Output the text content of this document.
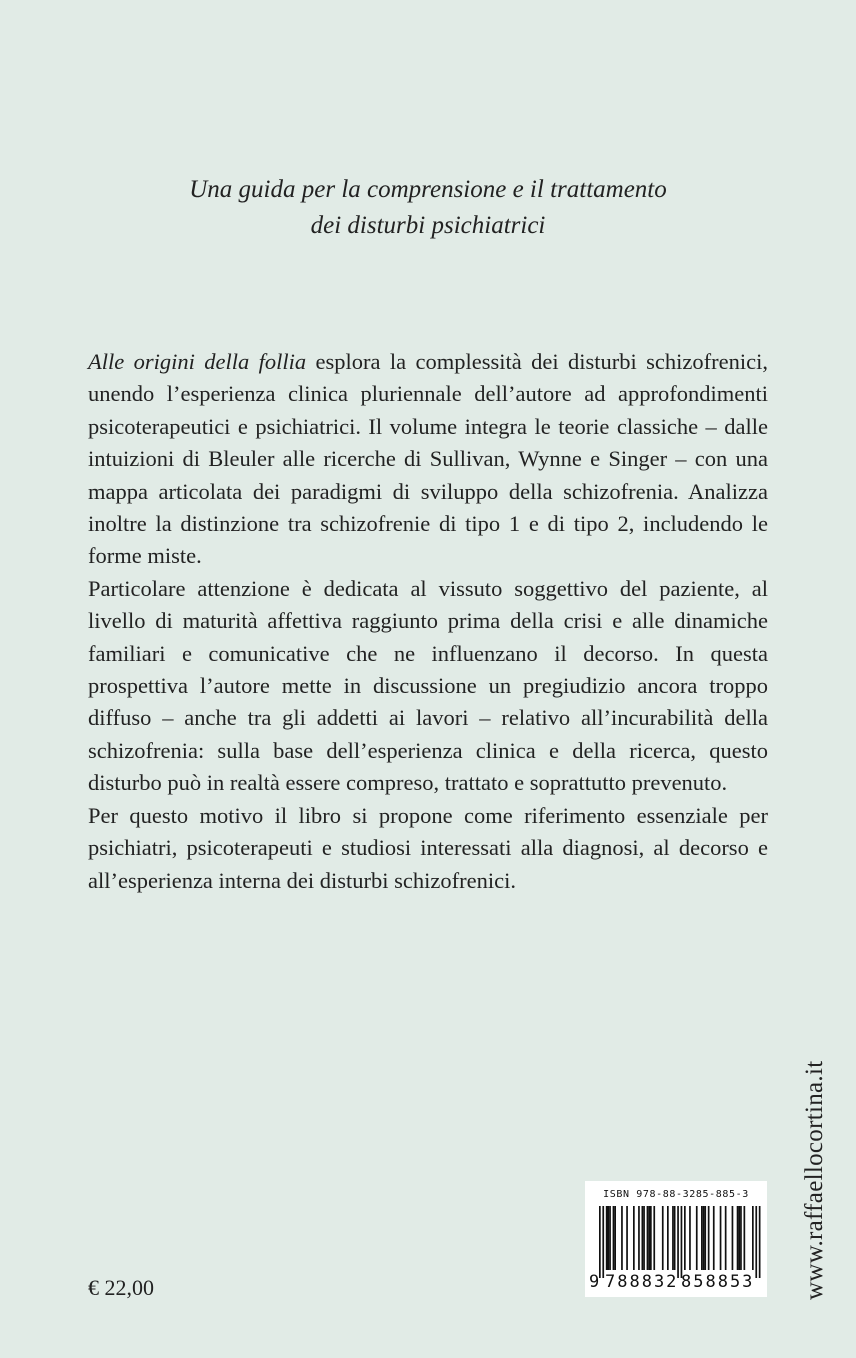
Una guida per la comprensione e il trattamento
dei disturbi psichiatrici

Alle origini della follia esplora la complessità dei disturbi schizofrenici, unendo l’esperienza clinica pluriennale dell’autore ad approfondimenti psicoterapeutici e psichiatrici. Il volume integra le teorie classiche – dalle intuizioni di Bleuler alle ricerche di Sullivan, Wynne e Singer – con una mappa articolata dei paradigmi di sviluppo della schizofrenia. Analizza inoltre la distinzione tra schizofrenie di tipo 1 e di tipo 2, includendo le forme miste.

Particolare attenzione è dedicata al vissuto soggettivo del paziente, al livello di maturità affettiva raggiunto prima della crisi e alle dinamiche familiari e comunicative che ne influenzano il decorso. In questa prospettiva l’autore mette in discussione un pregiudizio ancora troppo diffuso – anche tra gli addetti ai lavori – relativo all’incurabilità della schizofrenia: sulla base dell’esperienza clinica e della ricerca, questo disturbo può in realtà essere compreso, trattato e soprattutto prevenuto.

Per questo motivo il libro si propone come riferimento essenziale per psichiatri, psicoterapeuti e studiosi interessati alla diagnosi, al decorso e all’esperienza interna dei disturbi schizofrenici.

€ 22,00	www.raffaellocortina.it
ISBN 978-88-3285-885-3
9 788832 858853
